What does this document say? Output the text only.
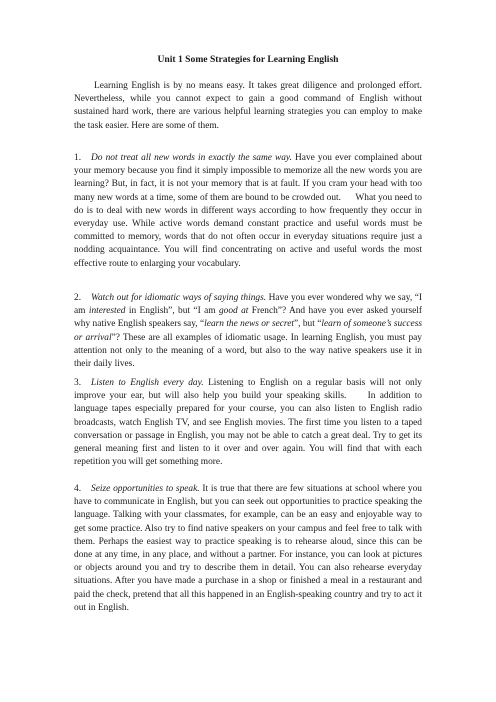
Unit 1 Some Strategies for Learning English

Learning English is by no means easy. It takes great diligence and prolonged effort. Nevertheless, while you cannot expect to gain a good command of English without sustained hard work, there are various helpful learning strategies you can employ to make the task easier. Here are some of them.

1. Do not treat all new words in exactly the same way. Have you ever complained about your memory because you find it simply impossible to memorize all the new words you are learning? But, in fact, it is not your memory that is at fault. If you cram your head with too many new words at a time, some of them are bound to be crowded out.      What you need to do is to deal with new words in different ways according to how frequently they occur in everyday use. While active words demand constant practice and useful words must be committed to memory, words that do not often occur in everyday situations require just a nodding acquaintance. You will find concentrating on active and useful words the most effective route to enlarging your vocabulary.

2. Watch out for idiomatic ways of saying things. Have you ever wondered why we say, “I am interested in English”, but “I am good at French”? And have you ever asked yourself why native English speakers say, “learn the news or secret”, but “learn of someone’s success or arrival”? These are all examples of idiomatic usage. In learning English, you must pay attention not only to the meaning of a word, but also to the way native speakers use it in their daily lives.

3. Listen to English every day. Listening to English on a regular basis will not only improve your ear, but will also help you build your speaking skills.     In addition to language tapes especially prepared for your course, you can also listen to English radio broadcasts, watch English TV, and see English movies. The first time you listen to a taped conversation or passage in English, you may not be able to catch a great deal. Try to get its general meaning first and listen to it over and over again. You will find that with each repetition you will get something more.

4. Seize opportunities to speak. It is true that there are few situations at school where you have to communicate in English, but you can seek out opportunities to practice speaking the language. Talking with your classmates, for example, can be an easy and enjoyable way to get some practice. Also try to find native speakers on your campus and feel free to talk with them. Perhaps the easiest way to practice speaking is to rehearse aloud, since this can be done at any time, in any place, and without a partner. For instance, you can look at pictures or objects around you and try to describe them in detail. You can also rehearse everyday situations. After you have made a purchase in a shop or finished a meal in a restaurant and paid the check, pretend that all this happened in an English-speaking country and try to act it out in English.
